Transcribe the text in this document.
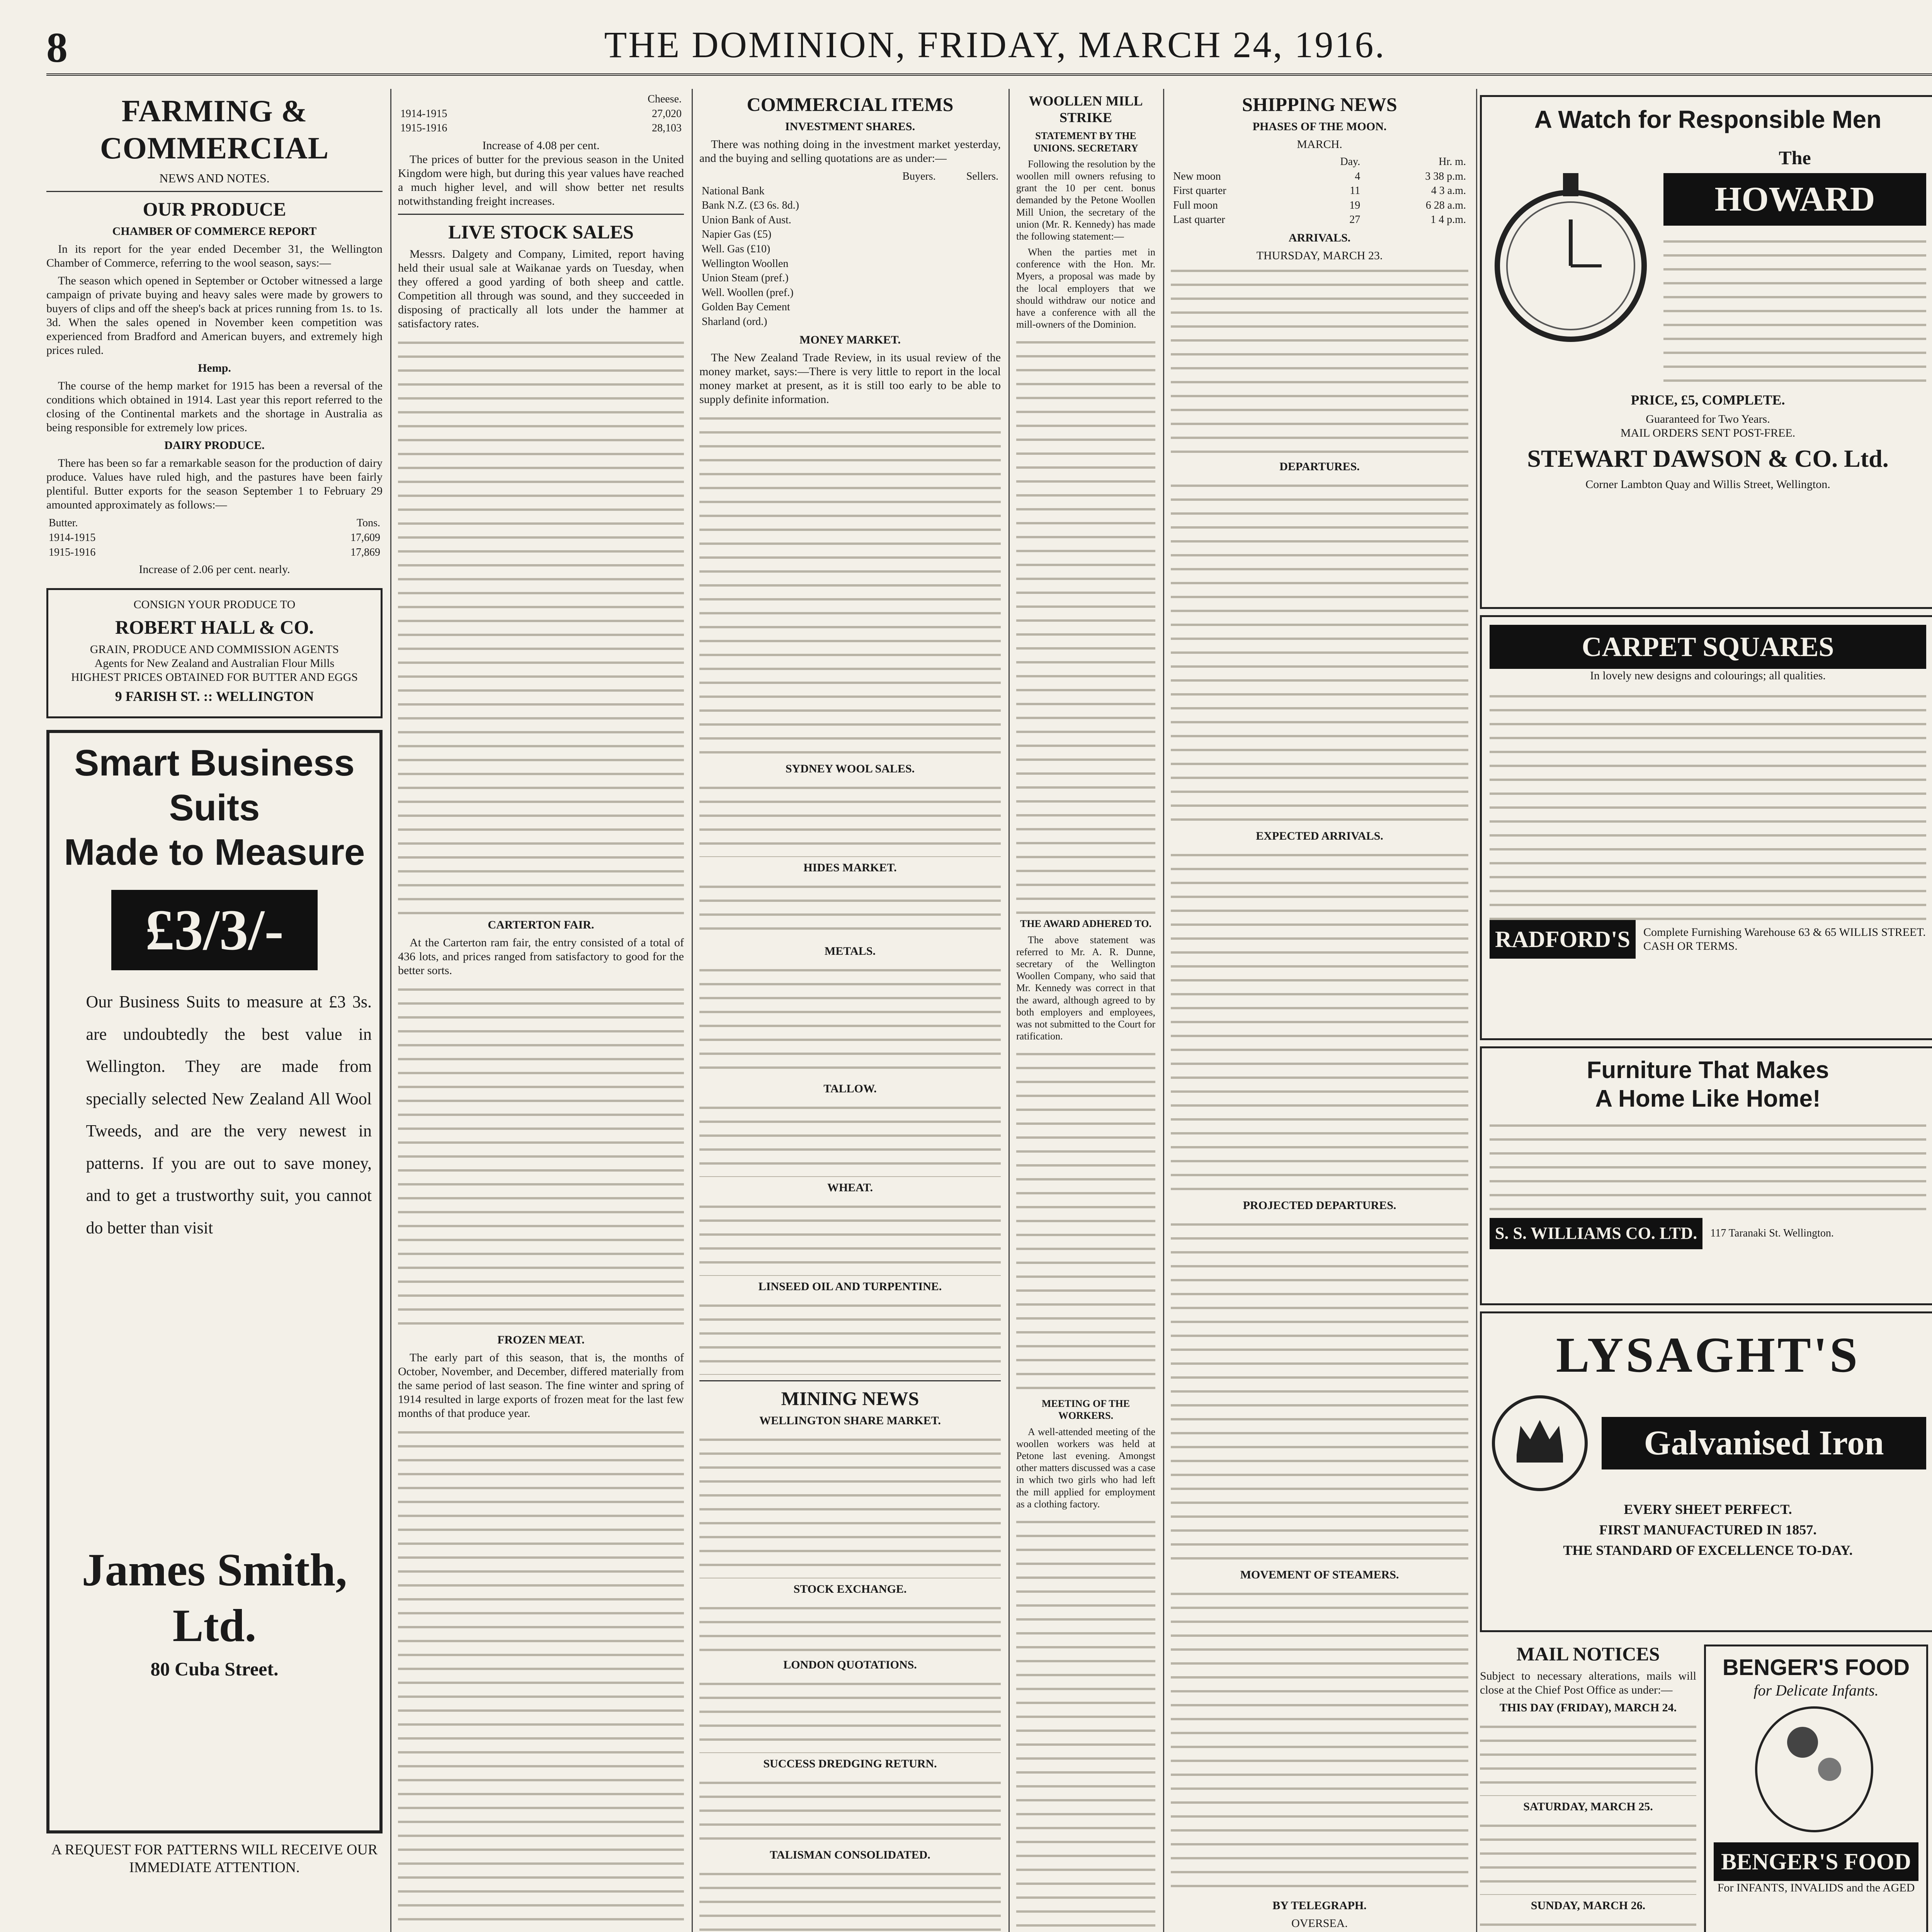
8	THE DOMINION, FRIDAY, MARCH 24, 1916.
FARMING & COMMERCIAL
NEWS AND NOTES.
OUR PRODUCE
CHAMBER OF COMMERCE REPORT

In its report for the year ended December 31, the Wellington Chamber of Commerce, referring to the wool season, says:—

The season which opened in September or October witnessed a large campaign of private buying and heavy sales were made by growers to buyers of clips and off the sheep's back at prices running from 1s. to 1s. 3d. When the sales opened in November keen competition was experienced from Bradford and American buyers, and extremely high prices ruled.

Hemp.

The course of the hemp market for 1915 has been a reversal of the conditions which obtained in 1914. Last year this report referred to the closing of the Continental markets and the shortage in Australia as being responsible for extremely low prices.

DAIRY PRODUCE.

There has been so far a remarkable season for the production of dairy produce. Values have ruled high, and the pastures have been fairly plentiful. Butter exports for the season September 1 to February 29 amounted approximately as follows:—

Butter.	Tons.
1914-1915	17,609
1915-1916	17,869
Increase of 2.06 per cent. nearly.
CONSIGN YOUR PRODUCE TO
ROBERT HALL & CO.
GRAIN, PRODUCE AND COMMISSION AGENTS
Agents for New Zealand and Australian Flour Mills
HIGHEST PRICES OBTAINED FOR BUTTER AND EGGS
9 FARISH ST. :: WELLINGTON
Smart Business Suits
Made to Measure
£3/3/-
Our Business Suits to measure at £3 3s. are undoubtedly the best value in Wellington. They are made from specially selected New Zealand All Wool Tweeds, and are the very newest in patterns. If you are out to save money, and to get a trustworthy suit, you cannot do better than visit
James Smith, Ltd.
80 Cuba Street.
A REQUEST FOR PATTERNS WILL RECEIVE OUR IMMEDIATE ATTENTION.
	Cheese.
1914-1915	27,020
1915-1916	28,103
Increase of 4.08 per cent.

The prices of butter for the previous season in the United Kingdom were high, but during this year values have reached a much higher level, and will show better net results notwithstanding freight increases.

LIVE STOCK SALES

Messrs. Dalgety and Company, Limited, report having held their usual sale at Waikanae yards on Tuesday, when they offered a good yarding of both sheep and cattle. Competition all through was sound, and they succeeded in disposing of practically all lots under the hammer at satisfactory rates.

CARTERTON FAIR.

At the Carterton ram fair, the entry consisted of a total of 436 lots, and prices ranged from satisfactory to good for the better sorts.

FROZEN MEAT.

The early part of this season, that is, the months of October, November, and December, differed materially from the same period of last season. The fine winter and spring of 1914 resulted in large exports of frozen meat for the last few months of that produce year.

COMMERCIAL ITEMS
INVESTMENT SHARES.

There was nothing doing in the investment market yesterday, and the buying and selling quotations are as under:—

	Buyers.	Sellers.
National Bank		
Bank N.Z. (£3 6s. 8d.)		
Union Bank of Aust.		
Napier Gas (£5)		
Well. Gas (£10)		
Wellington Woollen		
Union Steam (pref.)		
Well. Woollen (pref.)		
Golden Bay Cement		
Sharland (ord.)		
MONEY MARKET.

The New Zealand Trade Review, in its usual review of the money market, says:—There is very little to report in the local money market at present, as it is still too early to be able to supply definite information.

SYDNEY WOOL SALES.
HIDES MARKET.
METALS.
TALLOW.
WHEAT.
LINSEED OIL AND TURPENTINE.
MINING NEWS
WELLINGTON SHARE MARKET.
STOCK EXCHANGE.
LONDON QUOTATIONS.
SUCCESS DREDGING RETURN.
TALISMAN CONSOLIDATED.

WOOLLEN MILL STRIKE
STATEMENT BY THE UNIONS. SECRETARY

Following the resolution by the woollen mill owners refusing to grant the 10 per cent. bonus demanded by the Petone Woollen Mill Union, the secretary of the union (Mr. R. Kennedy) has made the following statement:—

When the parties met in conference with the Hon. Mr. Myers, a proposal was made by the local employers that we should withdraw our notice and have a conference with all the mill-owners of the Dominion.

THE AWARD ADHERED TO.

The above statement was referred to Mr. A. R. Dunne, secretary of the Wellington Woollen Company, who said that Mr. Kennedy was correct in that the award, although agreed to by both employers and employees, was not submitted to the Court for ratification.

MEETING OF THE WORKERS.

A well-attended meeting of the woollen workers was held at Petone last evening. Amongst other matters discussed was a case in which two girls who had left the mill applied for employment as a clothing factory.

SHIPPING NEWS
PHASES OF THE MOON.
MARCH.
	Day.	Hr. m.
New moon	4	3 38 p.m.
First quarter	11	4 3 a.m.
Full moon	19	6 28 a.m.
Last quarter	27	1 4 p.m.
ARRIVALS.
THURSDAY, MARCH 23.
DEPARTURES.
EXPECTED ARRIVALS.
PROJECTED DEPARTURES.
MOVEMENT OF STEAMERS.
BY TELEGRAPH.
OVERSEA.
A Watch for Responsible Men
The
HOWARD
PRICE, £5, COMPLETE.
Guaranteed for Two Years.
MAIL ORDERS SENT POST-FREE.
STEWART DAWSON & CO. Ltd.
Corner Lambton Quay and Willis Street, Wellington.
CARPET SQUARES
In lovely new designs and colourings; all qualities.
RADFORD'S	Complete Furnishing Warehouse 63 & 65 WILLIS STREET.
CASH OR TERMS.
Furniture That Makes
A Home Like Home!
S. S. WILLIAMS CO. LTD.	117 Taranaki St. Wellington.
LYSAGHT'S
Galvanised Iron
EVERY SHEET PERFECT.
FIRST MANUFACTURED IN 1857.
THE STANDARD OF EXCELLENCE TO-DAY.
MAIL NOTICES
Subject to necessary alterations, mails will close at the Chief Post Office as under:—
THIS DAY (FRIDAY), MARCH 24.
SATURDAY, MARCH 25.
SUNDAY, MARCH 26.
BENGER'S FOOD
for Delicate Infants.
BENGER'S FOOD
For INFANTS, INVALIDS and the AGED
